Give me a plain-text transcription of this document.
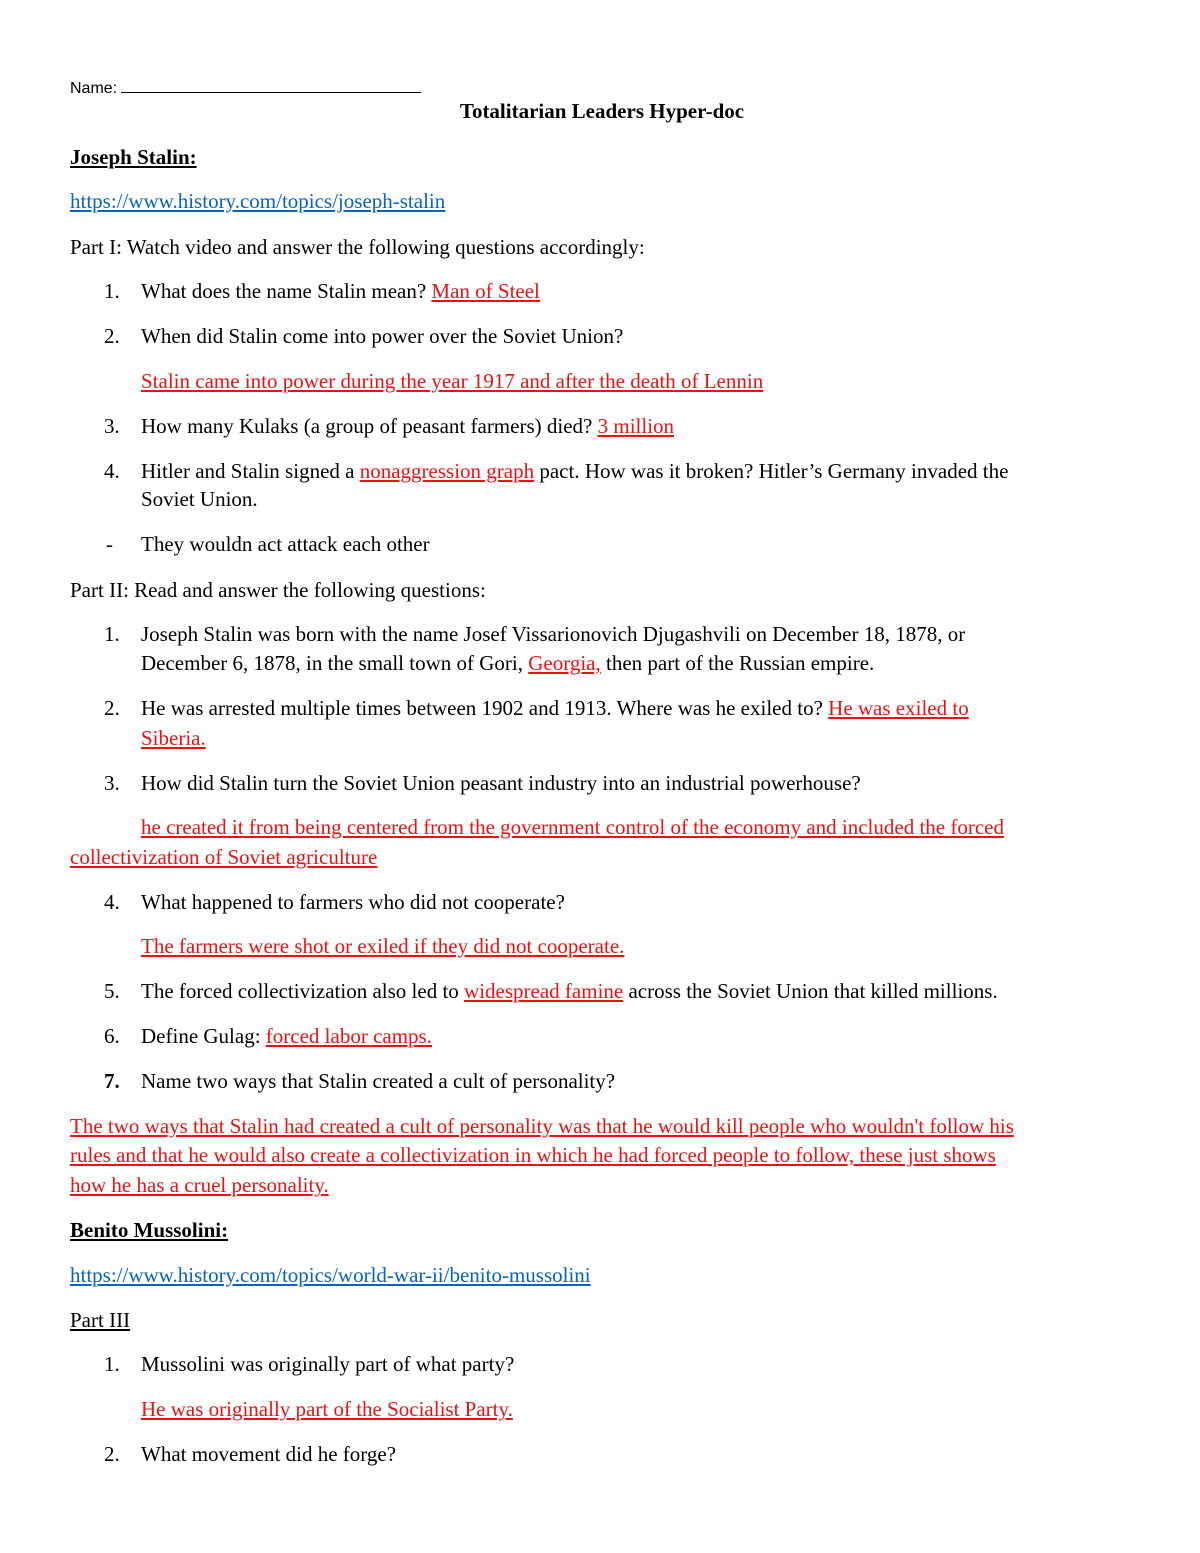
Name:
Totalitarian Leaders Hyper-doc
Joseph Stalin:
https://www.history.com/topics/joseph-stalin
Part I: Watch video and answer the following questions accordingly:
1. What does the name Stalin mean? Man of Steel
2. When did Stalin come into power over the Soviet Union?
Stalin came into power during the year 1917 and after the death of Lennin
3. How many Kulaks (a group of peasant farmers) died? 3 million
4. Hitler and Stalin signed a nonaggression graph pact. How was it broken? Hitler’s Germany invaded the
Soviet Union.
- They wouldn act attack each other
Part II: Read and answer the following questions:
1. Joseph Stalin was born with the name Josef Vissarionovich Djugashvili on December 18, 1878, or
December 6, 1878, in the small town of Gori, Georgia, then part of the Russian empire.
2. He was arrested multiple times between 1902 and 1913. Where was he exiled to? He was exiled to
Siberia.
3. How did Stalin turn the Soviet Union peasant industry into an industrial powerhouse?
he created it from being centered from the government control of the economy and included the forced
collectivization of Soviet agriculture
4. What happened to farmers who did not cooperate?
The farmers were shot or exiled if they did not cooperate.
5. The forced collectivization also led to widespread famine across the Soviet Union that killed millions.
6. Define Gulag: forced labor camps.
7. Name two ways that Stalin created a cult of personality?
The two ways that Stalin had created a cult of personality was that he would kill people who wouldn't follow his
rules and that he would also create a collectivization in which he had forced people to follow, these just shows
how he has a cruel personality.
Benito Mussolini:
https://www.history.com/topics/world-war-ii/benito-mussolini
Part III
1. Mussolini was originally part of what party?
He was originally part of the Socialist Party.
2. What movement did he forge?
